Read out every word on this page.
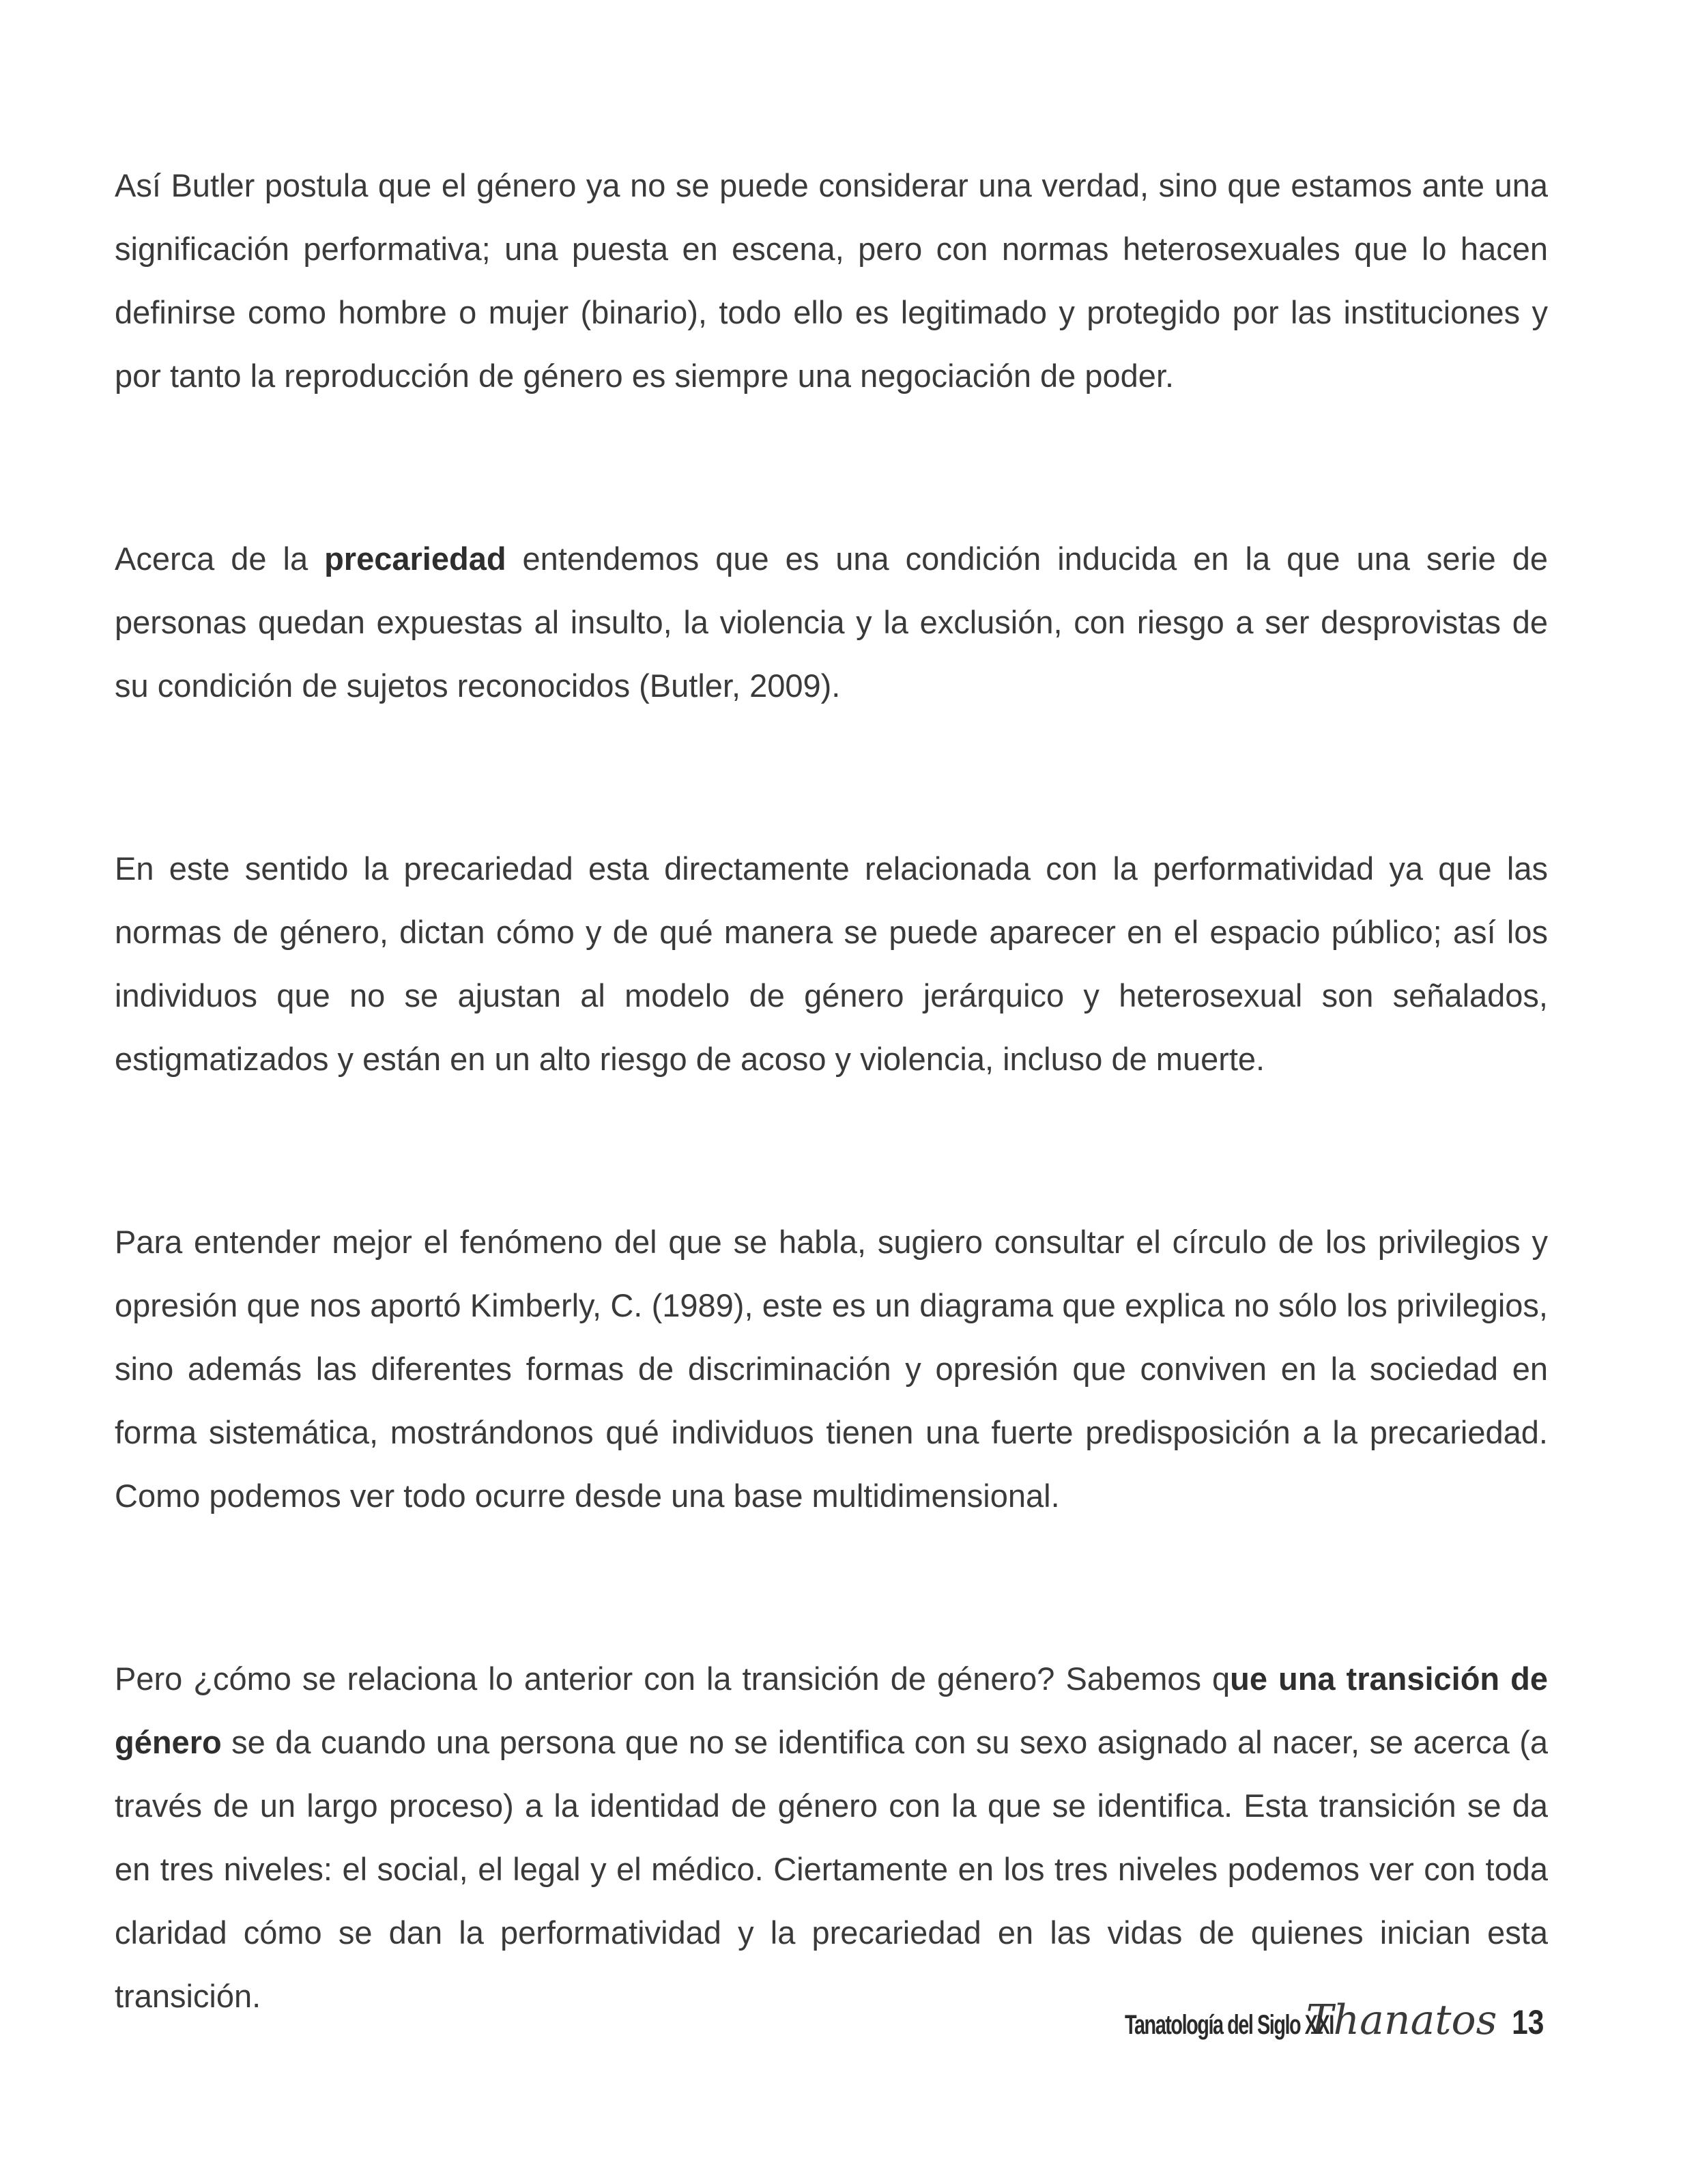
Así Butler postula que el género ya no se puede considerar una verdad, sino que estamos ante una significación performativa; una puesta en escena, pero con normas heterosexuales que lo hacen definirse como hombre o mujer (binario), todo ello es legitimado y protegido por las instituciones y por tanto la reproducción de género es siempre una negociación de poder.

Acerca de la precariedad entendemos que es una condición inducida en la que una serie de personas quedan expuestas al insulto, la violencia y la exclusión, con riesgo a ser desprovistas de su condición de sujetos reconocidos (Butler, 2009).

En este sentido la precariedad esta directamente relacionada con la performatividad ya que las normas de género, dictan cómo y de qué manera se puede aparecer en el espacio público; así los individuos que no se ajustan al modelo de género jerárquico y heterosexual son señalados, estigmatizados y están en un alto riesgo de acoso y violencia, incluso de muerte.

Para entender mejor el fenómeno del que se habla, sugiero consultar el círculo de los privilegios y opresión que nos aportó Kimberly, C. (1989), este es un diagrama que explica no sólo los privilegios, sino además las diferentes formas de discriminación y opresión que conviven en la sociedad en forma sistemática, mostrándonos qué individuos tienen una fuerte predisposición a la precariedad. Como podemos ver todo ocurre desde una base multidimensional.

Pero ¿cómo se relaciona lo anterior con la transición de género? Sabemos que una transición de género se da cuando una persona que no se identifica con su sexo asignado al nacer, se acerca (a través de un largo proceso) a la identidad de género con la que se identifica. Esta transición se da en tres niveles: el social, el legal y el médico. Ciertamente en los tres niveles podemos ver con toda claridad cómo se dan la performatividad y la precariedad en las vidas de quienes inician esta transición.

Tanatología del Siglo XXI
Thanatos 13
